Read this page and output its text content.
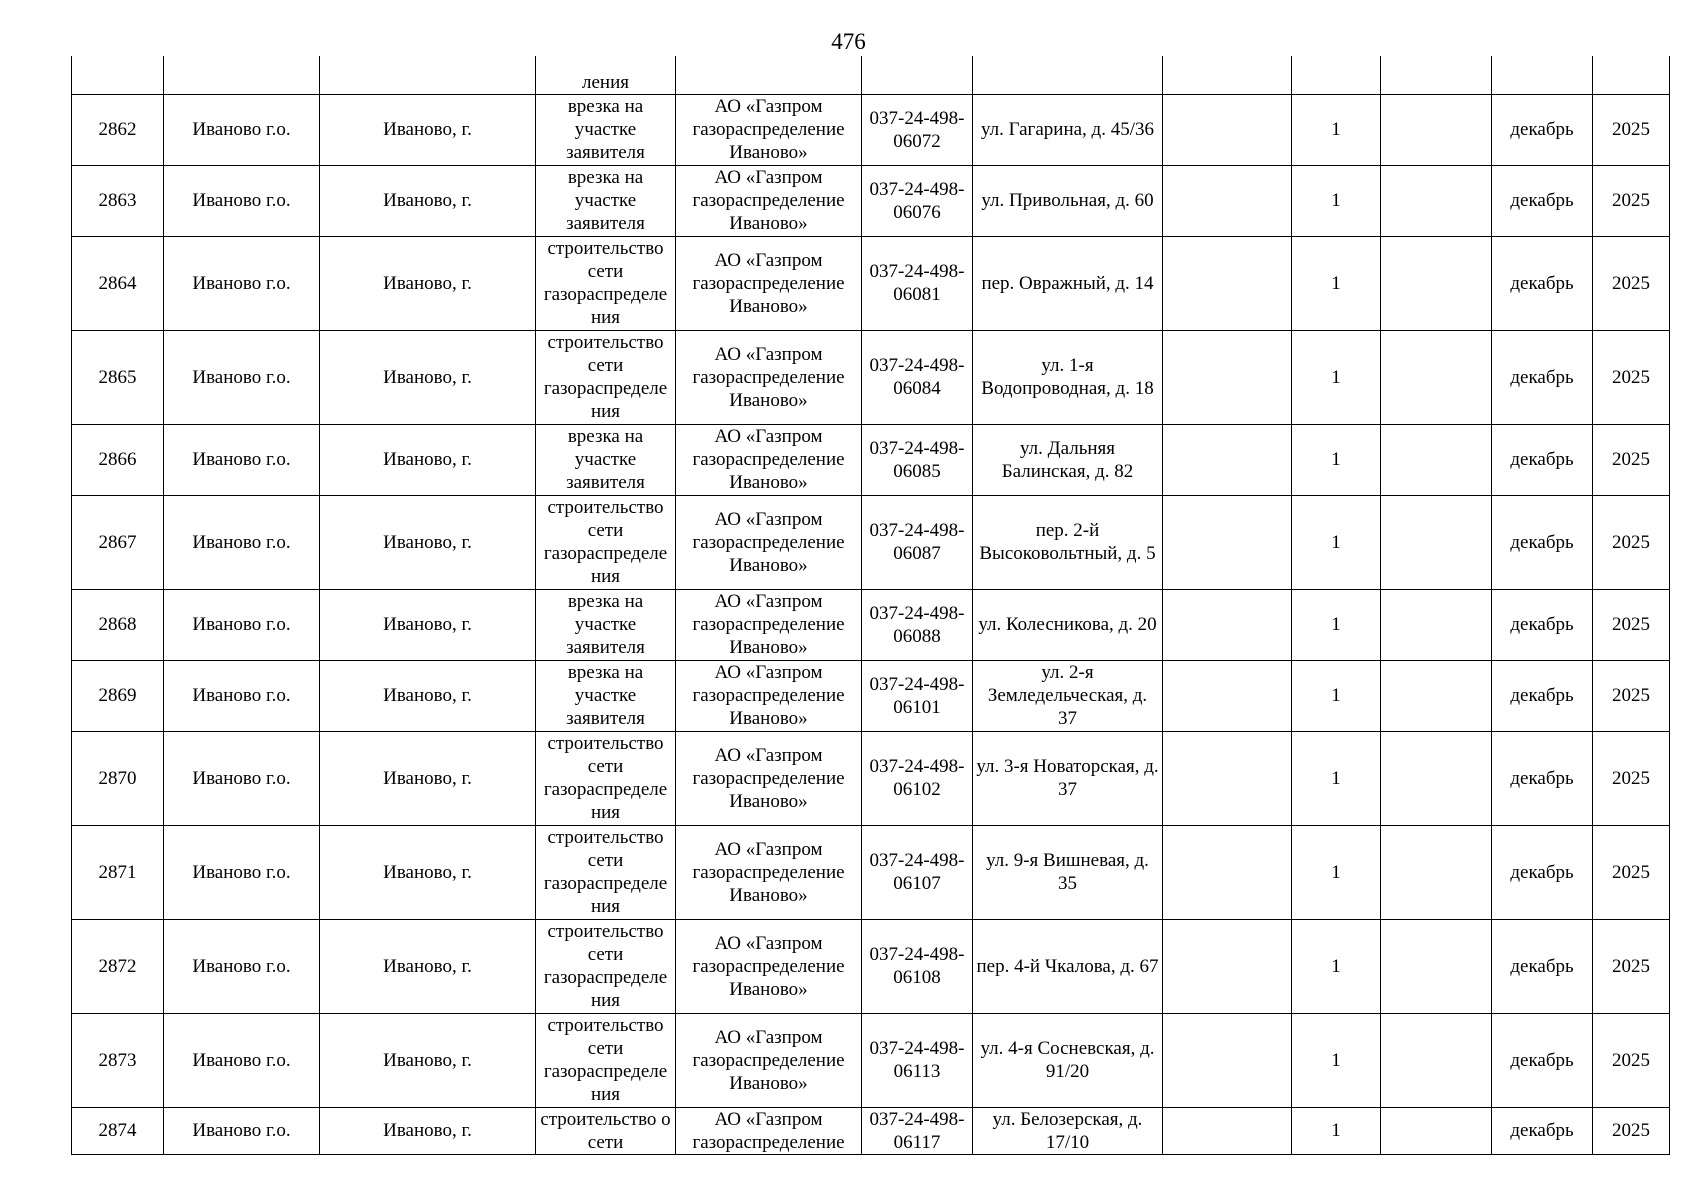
476
			ления								
2862	Иваново г.о.	Иваново, г.	врезка на участке заявителя	АО «Газпром газораспределение Иваново»	037-24-498-06072	ул. Гагарина, д. 45/36		1		декабрь	2025
2863	Иваново г.о.	Иваново, г.	врезка на участке заявителя	АО «Газпром газораспределение Иваново»	037-24-498-06076	ул. Привольная, д. 60		1		декабрь	2025
2864	Иваново г.о.	Иваново, г.	строительство сети газораспределения	АО «Газпром газораспределение Иваново»	037-24-498-06081	пер. Овражный, д. 14		1		декабрь	2025
2865	Иваново г.о.	Иваново, г.	строительство сети газораспределения	АО «Газпром газораспределение Иваново»	037-24-498-06084	ул. 1-я Водопроводная, д. 18		1		декабрь	2025
2866	Иваново г.о.	Иваново, г.	врезка на участке заявителя	АО «Газпром газораспределение Иваново»	037-24-498-06085	ул. Дальняя Балинская, д. 82		1		декабрь	2025
2867	Иваново г.о.	Иваново, г.	строительство сети газораспределения	АО «Газпром газораспределение Иваново»	037-24-498-06087	пер. 2-й Высоковольтный, д. 5		1		декабрь	2025
2868	Иваново г.о.	Иваново, г.	врезка на участке заявителя	АО «Газпром газораспределение Иваново»	037-24-498-06088	ул. Колесникова, д. 20		1		декабрь	2025
2869	Иваново г.о.	Иваново, г.	врезка на участке заявителя	АО «Газпром газораспределение Иваново»	037-24-498-06101	ул. 2-я Земледельческая, д. 37		1		декабрь	2025
2870	Иваново г.о.	Иваново, г.	строительство сети газораспределения	АО «Газпром газораспределение Иваново»	037-24-498-06102	ул. 3-я Новаторская, д. 37		1		декабрь	2025
2871	Иваново г.о.	Иваново, г.	строительство сети газораспределения	АО «Газпром газораспределение Иваново»	037-24-498-06107	ул. 9-я Вишневая, д. 35		1		декабрь	2025
2872	Иваново г.о.	Иваново, г.	строительство сети газораспределения	АО «Газпром газораспределение Иваново»	037-24-498-06108	пер. 4-й Чкалова, д. 67		1		декабрь	2025
2873	Иваново г.о.	Иваново, г.	строительство сети газораспределения	АО «Газпром газораспределение Иваново»	037-24-498-06113	ул. 4-я Сосневская, д. 91/20		1		декабрь	2025
2874	Иваново г.о.	Иваново, г.	строительство о сети	АО «Газпром газораспределение	037-24-498-06117	ул. Белозерская, д. 17/10		1		декабрь	2025
